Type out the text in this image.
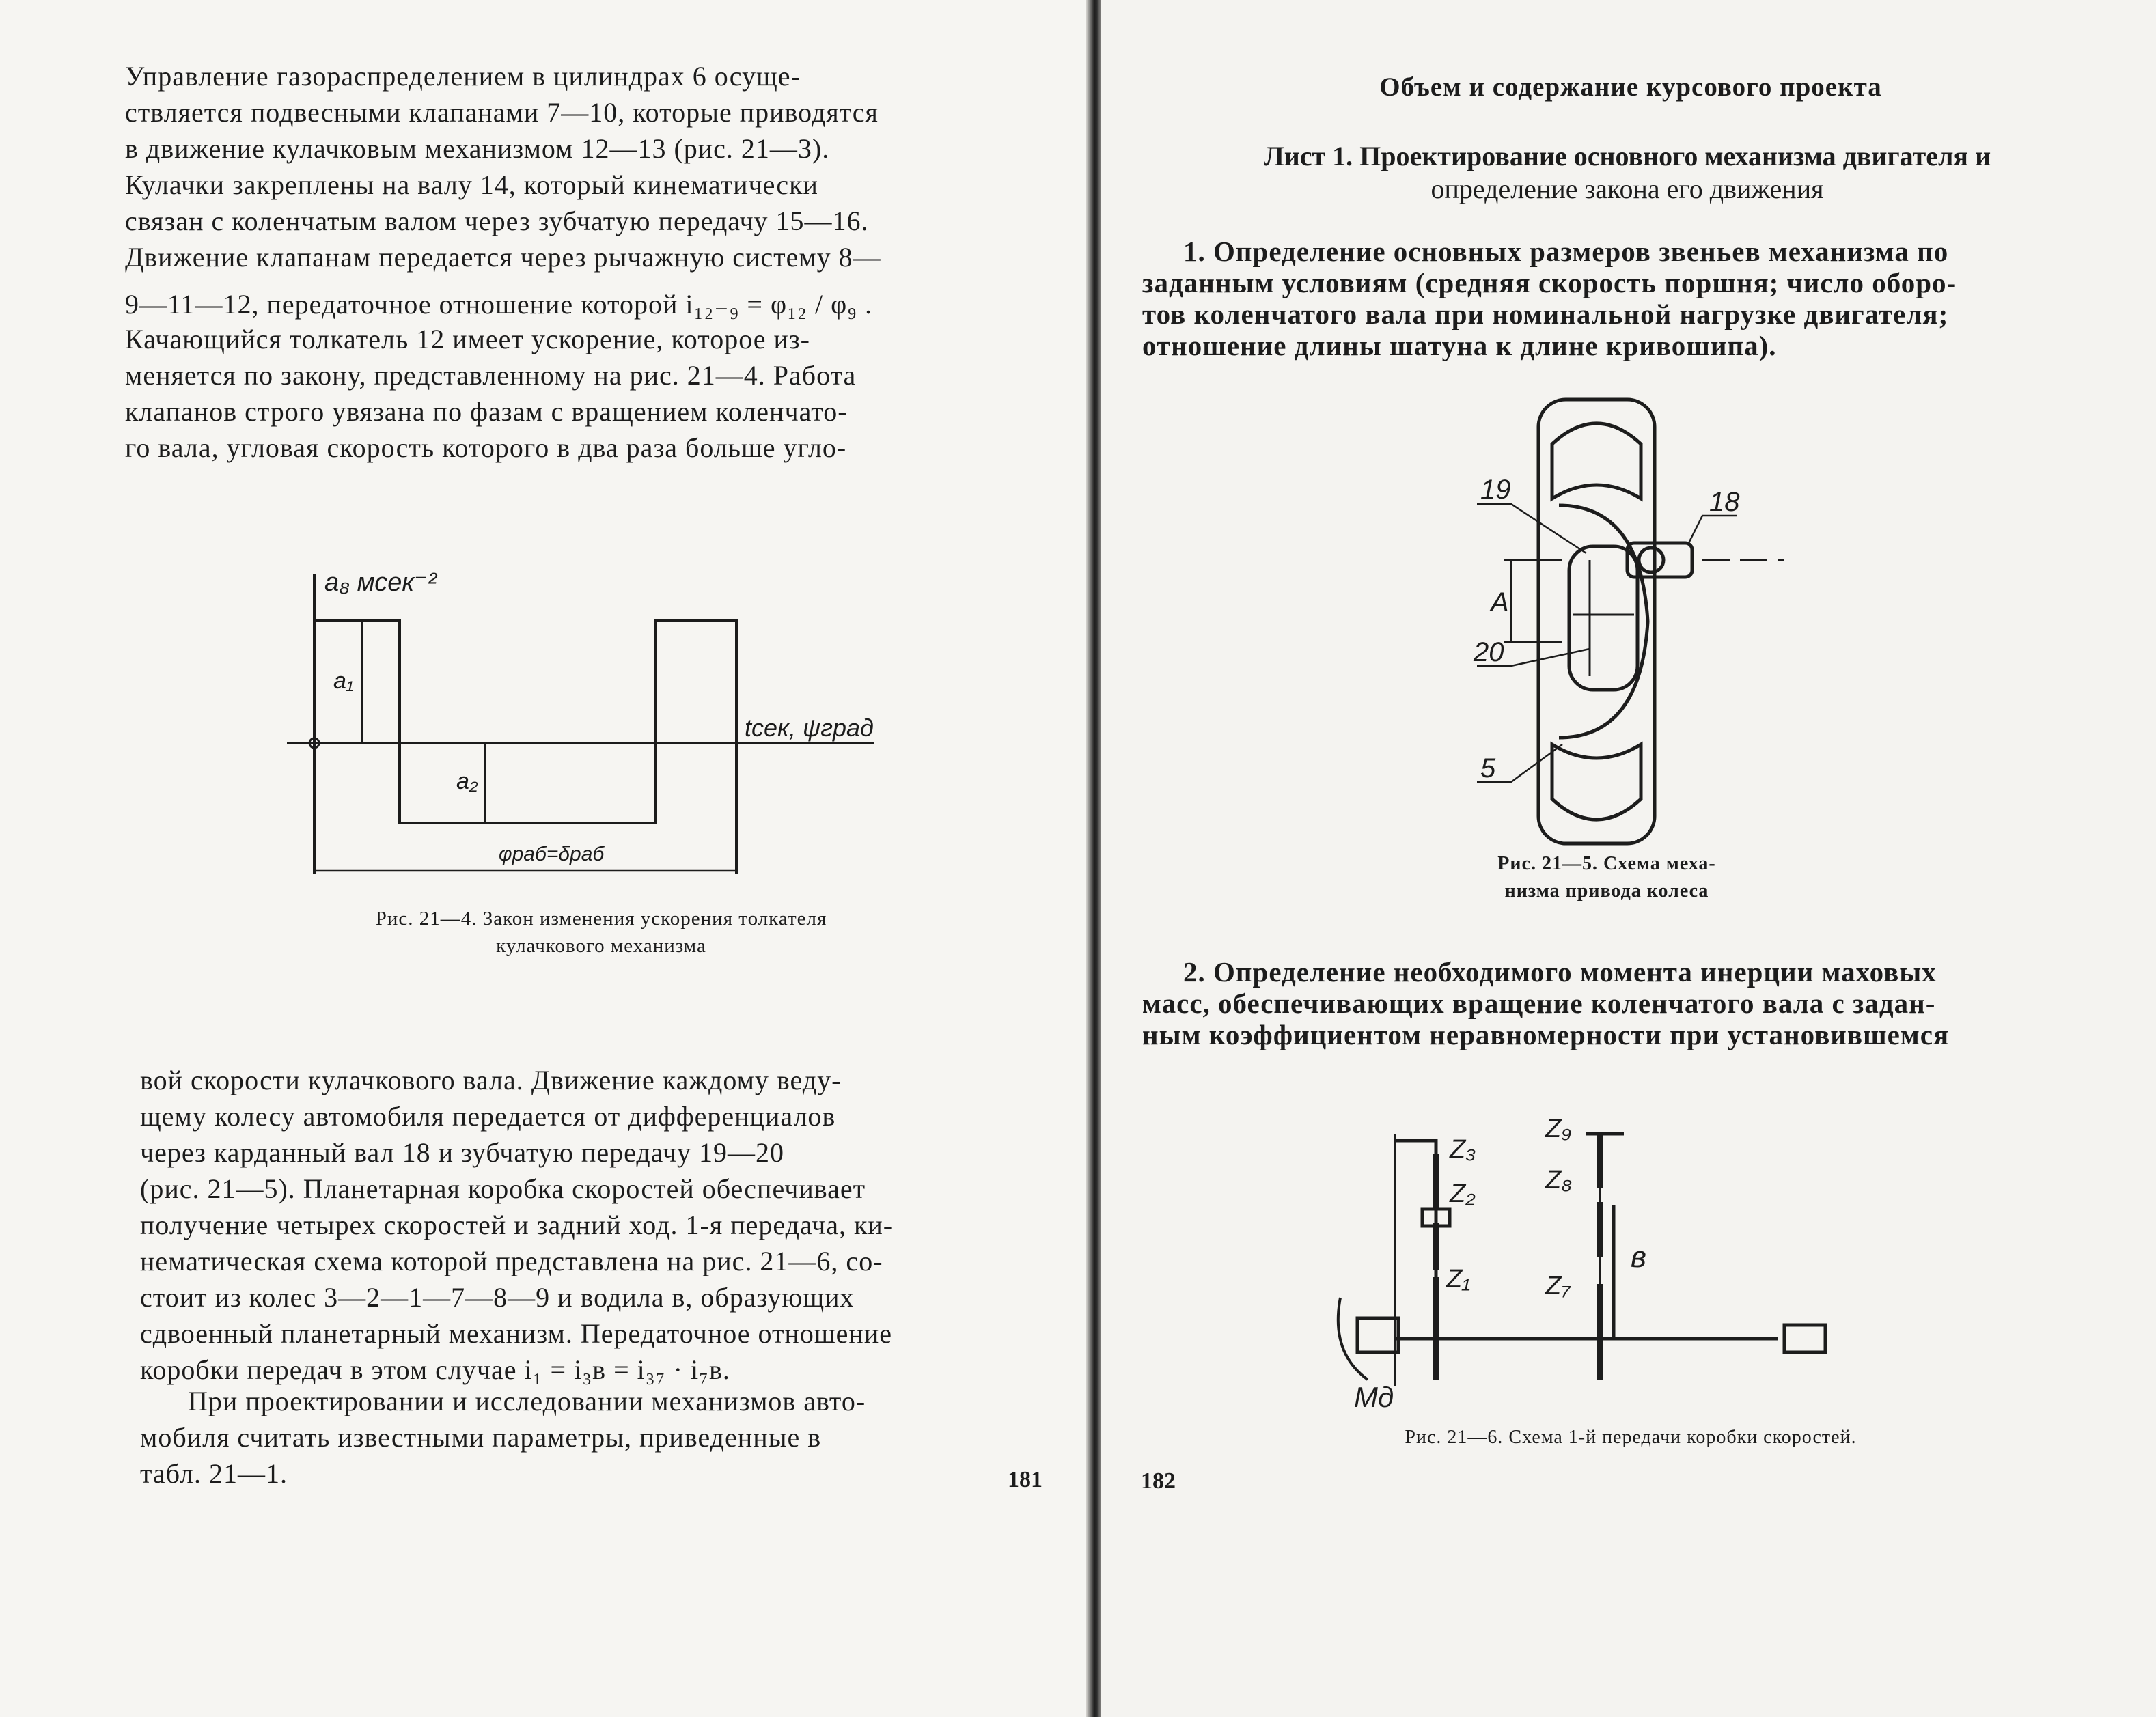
Управление газораспределением в цилиндрах 6 осуще-
ствляется подвесными клапанами 7—10, которые приводятся
в движение кулачковым механизмом 12—13 (рис. 21—3).
Кулачки закреплены на валу 14, который кинематически
связан с коленчатым валом через зубчатую передачу 15—16.
Движение клапанам передается через рычажную систему 8—
9—11—12, передаточное отношение которой i₁₂₋₉ = φ₁₂ / φ₉ .

Качающийся толкатель 12 имеет ускорение, которое из-
меняется по закону, представленному на рис. 21—4. Работа
клапанов строго увязана по фазам с вращением коленчато-
го вала, угловая скорость которого в два раза больше угло-

a₈ мсек⁻²
tсек, ψград
a₁
a₂
φраб=δраб
Рис. 21—4. Закон изменения ускорения толкателя
кулачкового механизма

вой скорости кулачкового вала. Движение каждому веду-
щему колесу автомобиля передается от дифференциалов
через карданный вал 18 и зубчатую передачу 19—20
(рис. 21—5). Планетарная коробка скоростей обеспечивает
получение четырех скоростей и задний ход. 1-я передача, ки-
нематическая схема которой представлена на рис. 21—6, со-
стоит из колес 3—2—1—7—8—9 и водила в, образующих
сдвоенный планетарный механизм. Передаточное отношение
коробки передач в этом случае i₁ = i₃в = i₃₇ · i₇в.

При проектировании и исследовании механизмов авто-
мобиля считать известными параметры, приведенные в
табл. 21—1.	181
Объем и содержание курсового проекта
Лист 1. Проектирование основного механизма двигателя и
определение закона его движения

1. Определение основных размеров звеньев механизма по
заданным условиям (средняя скорость поршня; число оборо-
тов коленчатого вала при номинальной нагрузке двигателя;
отношение длины шатуна к длине кривошипа).

19	18
A
20
5
Рис. 21—5. Схема меха-
низма привода колеса

2. Определение необходимого момента инерции маховых
масс, обеспечивающих вращение коленчатого вала с задан-
ным коэффициентом неравномерности при установившемся

Z₃
Z₂
Z₁
Z₉
Z₈
Z₇
в
Mд
Рис. 21—6. Схема 1-й передачи коробки скоростей.
182
